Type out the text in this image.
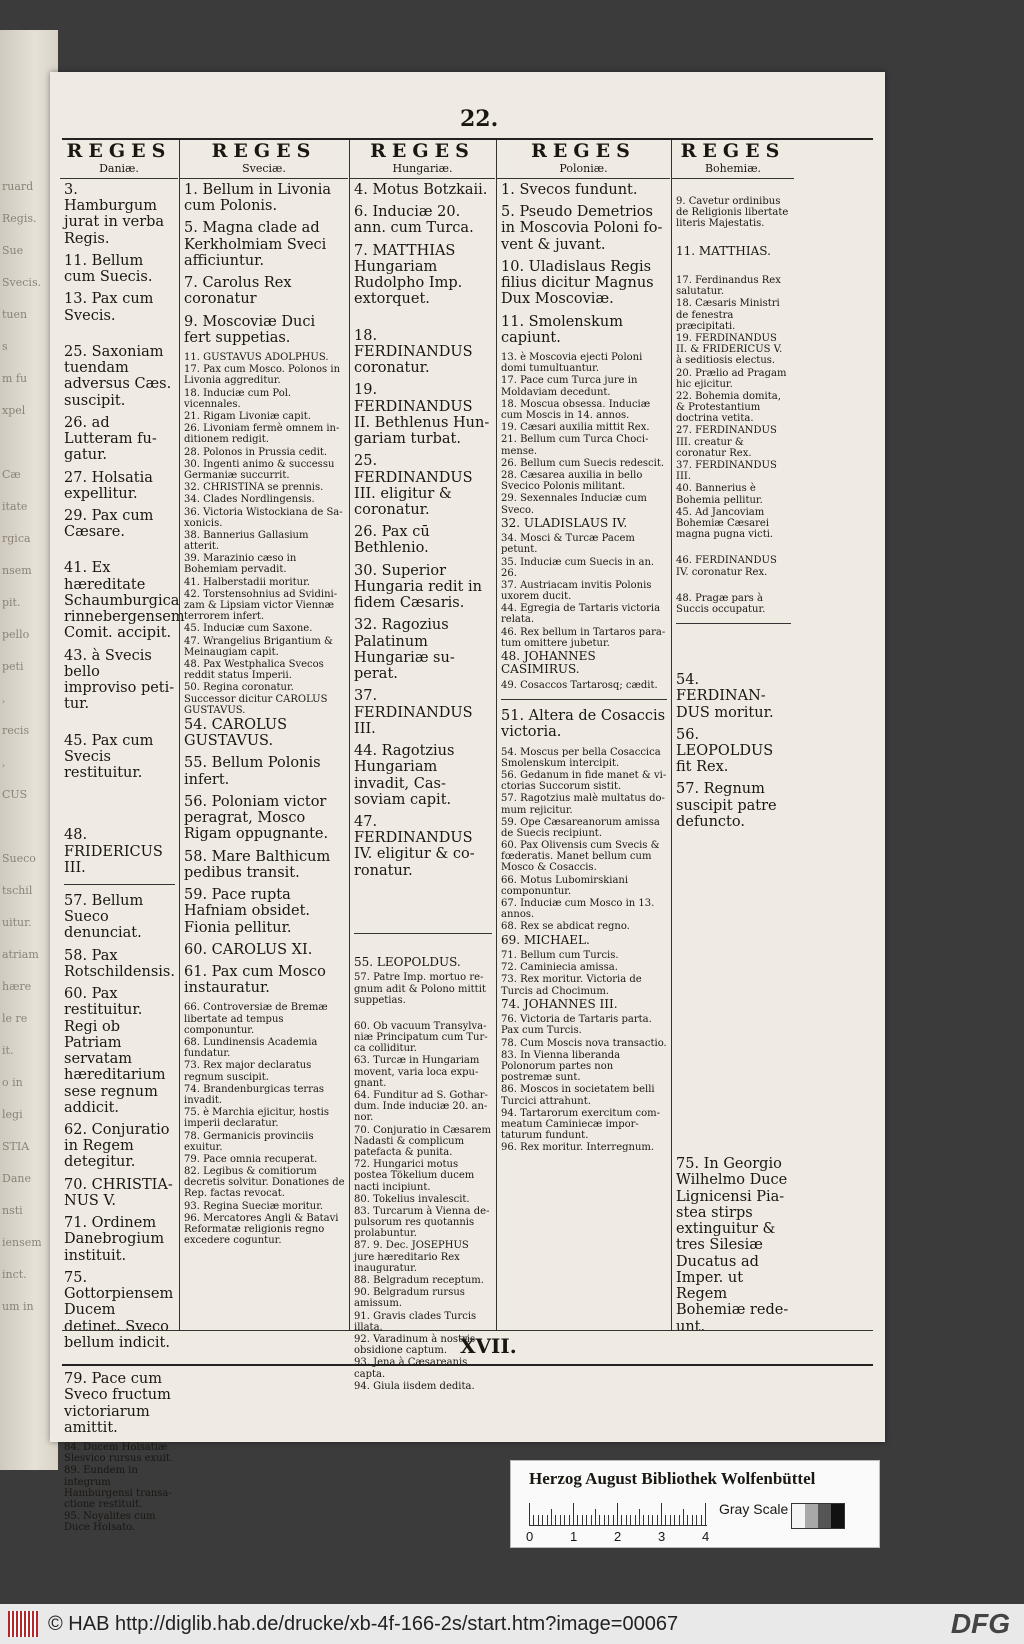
ruard
Regis.
Sue
Svecis.
tuen
s
m fu
xpel
Cæ
itate
rgica
nsem
pit.
pello
peti
,
recis
,
CUS
Sueco
tschil
uitur.
atriam
hære
le re
it.
o in
legi
STIA
Dane
nsti
iensem
inct.
um in
22.
REGES
Daniæ.
3. Hamburgum jurat in verba Regis.
11. Bellum cum Suecis.
13. Pax cum Svecis.
25. Saxoniam tuendam adversus Cæs. suscipit.
26. ad Lutteram fugatur.
27. Holsatia expellitur.
29. Pax cum Cæsare.
41. Ex hæreditate Schaumburgica rinnebergensem Comit. accipit.
43. à Svecis bello improviso petitur.
45. Pax cum Svecis restituitur.
48. FRIDERICUS III.
57. Bellum Sueco denunciat.
58. Pax Rotschildensis.
60. Pax restituitur. Regi ob Patriam servatam hæreditarium sese regnum addicit.
62. Conjuratio in Regem detegitur.
70. CHRISTIANUS V.
71. Ordinem Danebrogium instituit.
75. Gottorpiensem Ducem detinet. Sveco bellum indicit.
79. Pace cum Sveco fructum victoriarum amittit.
84. Ducem Holsatiæ Slesvico rursus exuit.
89. Eundem in integrum Hamburgensi transactione restituit.
95. Noyalites cum Duce Holsato.
REGES
Sveciæ.
1. Bellum in Livonia cum Polonis.
5. Magna clade ad Kerkholmiam Sveci afficiuntur.
7. Carolus Rex coronatur
9. Moscoviæ Duci fert suppetias.
11. GUSTAVUS ADOLPHUS.
17. Pax cum Mosco. Polonos in Livonia aggreditur.
18. Induciæ cum Pol. vicennales.
21. Rigam Livoniæ capit.
26. Livoniam fermè omnem inditionem redigit.
28. Polonos in Prussia cedit.
30. Ingenti animo & successu Germaniæ succurrit.
32. CHRISTINA se prennis.
34. Clades Nordlingensis.
36. Victoria Wistockiana de Saxonicis.
38. Bannerius Gallasium atterit.
39. Marazinio cæso in Bohemiam pervadit.
41. Halberstadii moritur.
42. Torstensohnius ad Svidinizam & Lipsiam victor Viennæ terrorem infert.
45. Induciæ cum Saxone.
47. Wrangelius Brigantium & Meinaugiam capit.
48. Pax Westphalica Svecos reddit status Imperii.
50. Regina coronatur. Successor dicitur CAROLUS GUSTAVUS.
54. CAROLUS GUSTAVUS.
55. Bellum Polonis infert.
56. Poloniam victor peragrat, Mosco Rigam oppugnante.
58. Mare Balthicum pedibus transit.
59. Pace rupta Hafniam obsidet. Fionia pellitur.
60. CAROLUS XI.
61. Pax cum Mosco instauratur.
66. Controversiæ de Bremæ libertate ad tempus componuntur.
68. Lundinensis Academia fundatur.
73. Rex major declaratus regnum suscipit.
74. Brandenburgicas terras invadit.
75. è Marchia ejicitur, hostis imperii declaratur.
78. Germanicis provinciis exuitur.
79. Pace omnia recuperat.
82. Legibus & comitiorum decretis solvitur. Donationes de Rep. factas revocat.
93. Regina Sueciæ moritur.
96. Mercatores Angli & Batavi Reformatæ religionis regno excedere coguntur.
REGES
Hungariæ.
4. Motus Botzkaii.
6. Induciæ 20. ann. cum Turca.
7. MATTHIAS Hungariam Rudolpho Imp. extorquet.
18. FERDINANDUS coronatur.
19. FERDINANDUS II. Bethlenus Hungariam turbat.
25. FERDINANDUS III. eligitur & coronatur.
26. Pax cū Bethlenio.
30. Superior Hungaria redit in fidem Cæsaris.
32. Ragozius Palatinum Hungariæ superat.
37. FERDINANDUS III.
44. Ragotzius Hungariam invadit, Cassoviam capit.
47. FERDINANDUS IV. eligitur & coronatur.
55. LEOPOLDUS.
57. Patre Imp. mortuo regnum adit & Polono mittit suppetias.
60. Ob vacuum Transylvaniæ Principatum cum Turca colliditur.
63. Turcæ in Hungariam movent, varia loca expugnant.
64. Funditur ad S. Gothardum. Inde induciæ 20. annor.
70. Conjuratio in Cæsarem Nadasti & complicum patefacta & punita.
72. Hungarici motus postea Tökelium ducem nacti incipiunt.
80. Tokelius invalescit.
83. Turcarum à Vienna depulsorum res quotannis prolabuntur.
87. 9. Dec. JOSEPHUS jure hæreditario Rex inauguratur.
88. Belgradum receptum.
90. Belgradum rursus amissum.
91. Gravis clades Turcis illata.
92. Varadinum à nostris obsidione captum.
93. Jena à Cæsareanis capta.
94. Giula iisdem dedita.
REGES
Poloniæ.
1. Svecos fundunt.
5. Pseudo Demetrios in Moscovia Poloni fovent & juvant.
10. Uladislaus Regis filius dicitur Magnus Dux Moscoviæ.
11. Smolenskum capiunt.
13. è Moscovia ejecti Poloni domi tumultuantur.
17. Pace cum Turca jure in Moldaviam decedunt.
18. Moscua obsessa. Induciæ cum Moscis in 14. annos.
19. Cæsari auxilia mittit Rex.
21. Bellum cum Turca Chocimense.
26. Bellum cum Suecis redescit.
28. Cæsarea auxilia in bello Svecico Polonis militant.
29. Sexennales Induciæ cum Sveco.
32. ULADISLAUS IV.
34. Mosci & Turcæ Pacem petunt.
35. Induciæ cum Suecis in an. 26.
37. Austriacam invitis Polonis uxorem ducit.
44. Egregia de Tartaris victoria relata.
46. Rex bellum in Tartaros paratum omittere jubetur.
48. JOHANNES CASIMIRUS.
49. Cosaccos Tartarosq; cædit.
51. Altera de Cosaccis victoria.
54. Moscus per bella Cosaccica Smolenskum intercipit.
56. Gedanum in fide manet & victorias Succorum sistit.
57. Ragotzius malè multatus domum rejicitur.
59. Ope Cæsareanorum amissa de Suecis recipiunt.
60. Pax Olivensis cum Svecis & fœderatis. Manet bellum cum Mosco & Cosaccis.
66. Motus Lubomirskiani componuntur.
67. Induciæ cum Mosco in 13. annos.
68. Rex se abdicat regno.
69. MICHAEL.
71. Bellum cum Turcis.
72. Caminiecia amissa.
73. Rex moritur. Victoria de Turcis ad Chocimum.
74. JOHANNES III.
76. Victoria de Tartaris parta. Pax cum Turcis.
78. Cum Moscis nova transactio.
83. In Vienna liberanda Polonorum partes non postremæ sunt.
86. Moscos in societatem belli Turcici attrahunt.
94. Tartarorum exercitum commeatum Caminiecæ importaturum fundunt.
96. Rex moritur. Interregnum.
REGES
Bohemiæ.
9. Cavetur ordinibus de Religionis libertate literis Majestatis.
11. MATTHIAS.
17. Ferdinandus Rex salutatur.
18. Cæsaris Ministri de fenestra præcipitati.
19. FERDINANDUS II. & FRIDERICUS V. à seditiosis electus.
20. Prælio ad Pragam hic ejicitur.
22. Bohemia domita, & Protestantium doctrina vetita.
27. FERDINANDUS III. creatur & coronatur Rex.
37. FERDINANDUS III.
40. Bannerius è Bohemia pellitur.
45. Ad Jancoviam Bohemiæ Cæsarei magna pugna victi.
46. FERDINANDUS IV. coronatur Rex.
48. Pragæ pars à Succis occupatur.
54. FERDINANDUS moritur.
56. LEOPOLDUS fit Rex.
57. Regnum suscipit patre defuncto.
75. In Georgio Wilhelmo Duce Lignicensi Piastea stirps extinguitur & tres Silesiæ Ducatus ad Imper. ut Regem Bohemiæ redeunt.
XVII.
Herzog August Bibliothek Wolfenbüttel
0	1	2	3	4
Gray Scale
© HAB http://diglib.hab.de/drucke/xb-4f-166-2s/start.htm?image=00067	DFG
